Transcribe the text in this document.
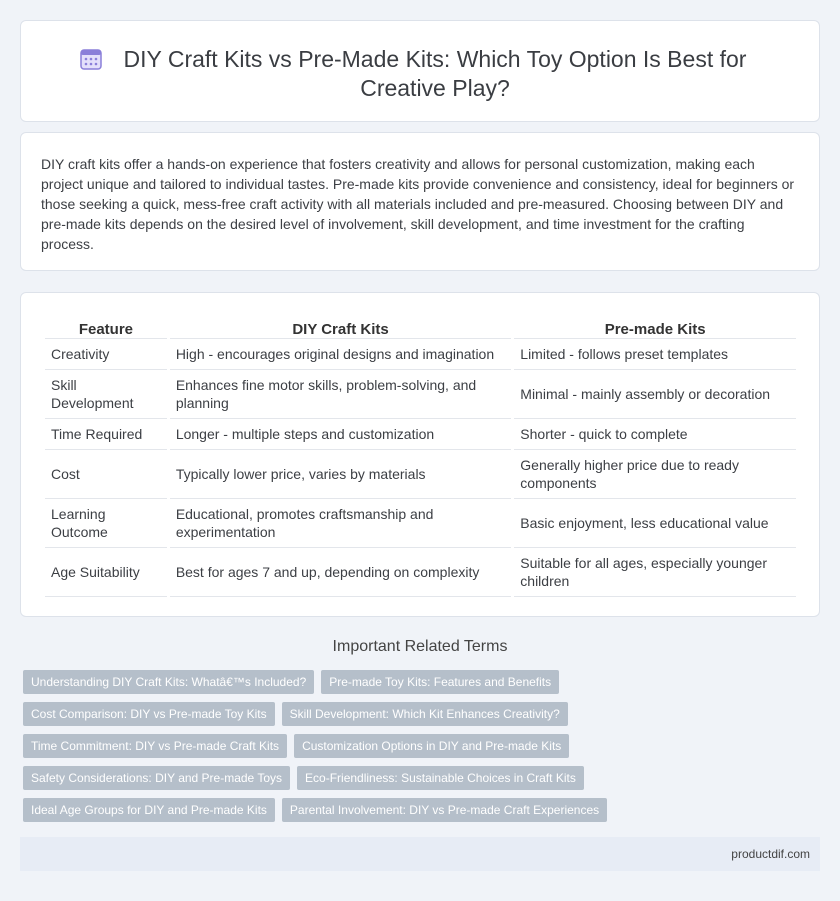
DIY Craft Kits vs Pre-Made Kits: Which Toy Option Is Best for Creative Play?

DIY craft kits offer a hands-on experience that fosters creativity and allows for personal customization, making each project unique and tailored to individual tastes. Pre-made kits provide convenience and consistency, ideal for beginners or those seeking a quick, mess-free craft activity with all materials included and pre-measured. Choosing between DIY and pre-made kits depends on the desired level of involvement, skill development, and time investment for the crafting process.

Feature	DIY Craft Kits	Pre-made Kits
Creativity	High - encourages original designs and imagination	Limited - follows preset templates
Skill Development	Enhances fine motor skills, problem-solving, and planning	Minimal - mainly assembly or decoration
Time Required	Longer - multiple steps and customization	Shorter - quick to complete
Cost	Typically lower price, varies by materials	Generally higher price due to ready components
Learning Outcome	Educational, promotes craftsmanship and experimentation	Basic enjoyment, less educational value
Age Suitability	Best for ages 7 and up, depending on complexity	Suitable for all ages, especially younger children
Important Related Terms
Understanding DIY Craft Kits: Whatâ€™s Included?	Pre-made Toy Kits: Features and Benefits
Cost Comparison: DIY vs Pre-made Toy Kits	Skill Development: Which Kit Enhances Creativity?
Time Commitment: DIY vs Pre-made Craft Kits	Customization Options in DIY and Pre-made Kits
Safety Considerations: DIY and Pre-made Toys	Eco-Friendliness: Sustainable Choices in Craft Kits
Ideal Age Groups for DIY and Pre-made Kits	Parental Involvement: DIY vs Pre-made Craft Experiences
productdif.com
